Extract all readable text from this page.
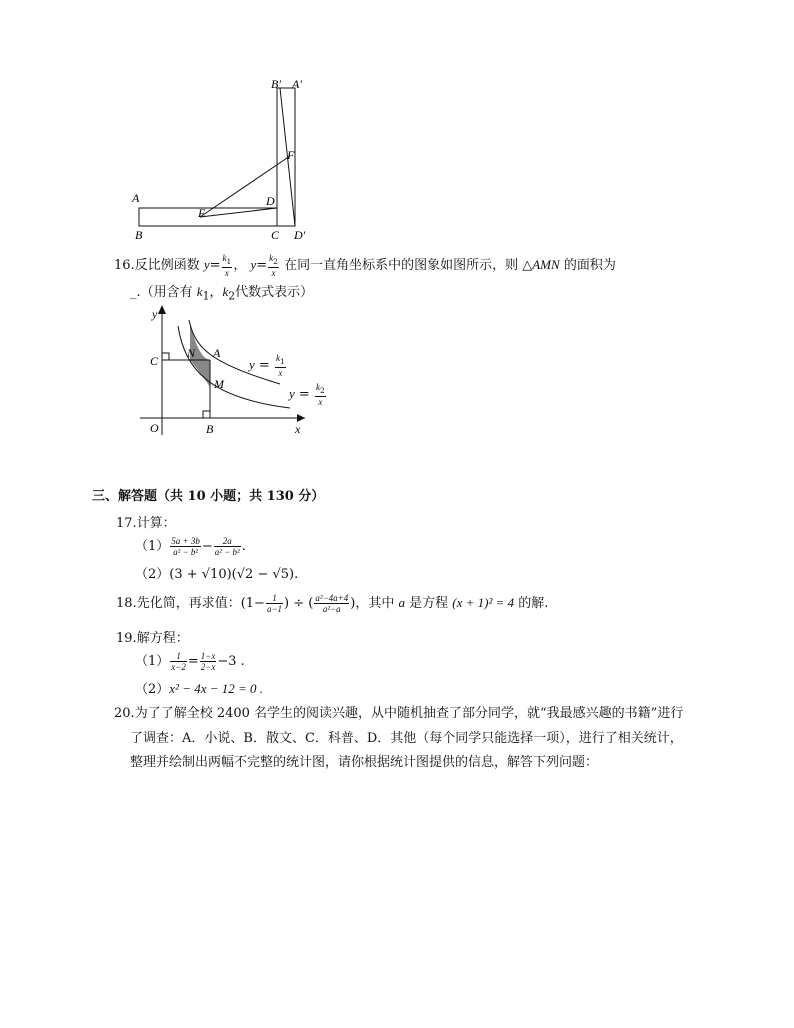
A
B	C
D
E
F
B′ A′
D′
16.反比例函数 $y= \frac{k_1}{x}$ ， $y= \frac{k_2}{x}$ 在同一直角坐标系中的图象如图所示，则 △AMN 的面积为
_.（用含有 $k_1$，$k_2$代数式表示）
y
C
N A
M
O	B	x
$y = \frac{k_1}{x}$
$y = \frac{k_2}{x}$
三、解答题（共 10 小题；共 130 分）
17.计算：
$(1) \frac{5a + 3b}{\text{a² − b²}} - \frac{2a}{\text{a² − b²}}$ .
（2）(3 + √10)(√2 − √5).
18.先化简，再求值：($1- \frac{1}{a-1}$ ) ÷ ( $\frac{\text{a²−4a+4}}{\text{a²−a}}$ )，其中 a 是方程 (x + 1)² = 4 的解.
19.解方程：
$(1) \frac{1}{x-2} = \frac{1-x}{2-x} -3$ .
（2）x² − 4x − 12 = 0 .
20.为了了解全校 2400 名学生的阅读兴趣，从中随机抽查了部分同学，就“我最感兴趣的书籍”进行
了调查：A．小说、B．散文、C．科普、D．其他（每个同学只能选择一项），进行了相关统计，
整理并绘制出两幅不完整的统计图，请你根据统计图提供的信息，解答下列问题：
